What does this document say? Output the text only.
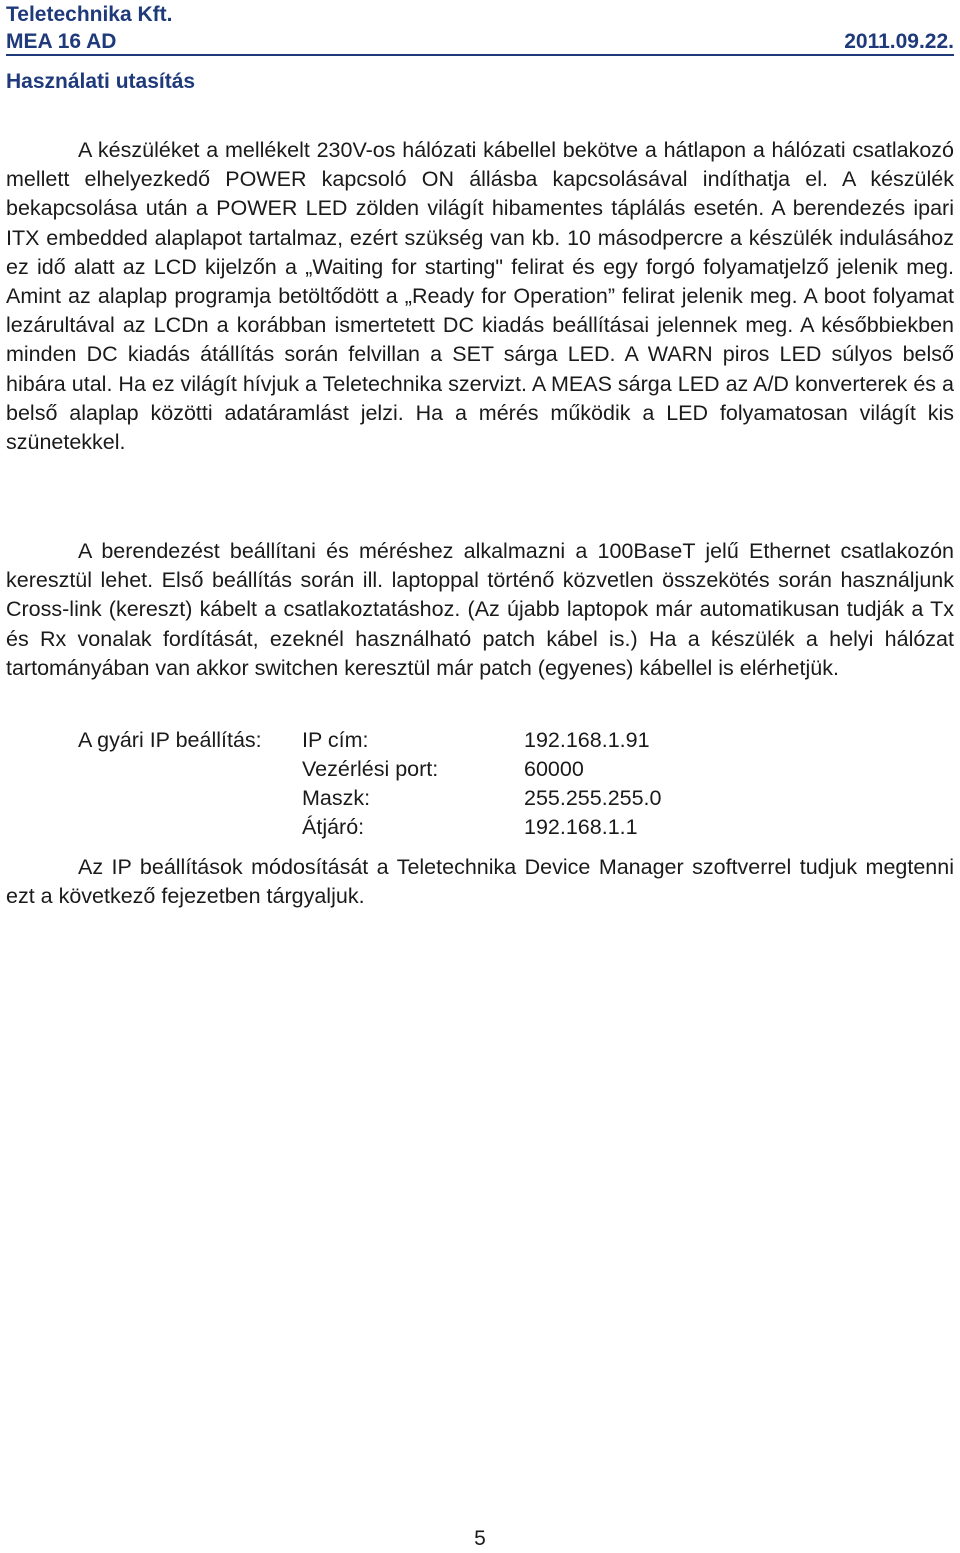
Teletechnika Kft.
MEA 16 AD	2011.09.22.
Használati utasítás

A készüléket a mellékelt 230V-os hálózati kábellel bekötve a hátlapon a hálózati csatlakozó mellett elhelyezkedő POWER kapcsoló ON állásba kapcsolásával indíthatja el. A készülék bekapcsolása után a POWER LED zölden világít hibamentes táplálás esetén. A berendezés ipari ITX embedded alaplapot tartalmaz, ezért szükség van kb. 10 másodpercre a készülék indulásához ez idő alatt az LCD kijelzőn a „Waiting for starting" felirat és egy forgó folyamatjelző jelenik meg. Amint az alaplap programja betöltődött a „Ready for Operation” felirat jelenik meg. A boot folyamat lezárultával az LCDn a korábban ismertetett DC kiadás beállításai jelennek meg. A későbbiekben minden DC kiadás átállítás során felvillan a SET sárga LED. A WARN piros LED súlyos belső hibára utal. Ha ez világít hívjuk a Teletechnika szervizt. A MEAS sárga LED az A/D konverterek és a belső alaplap közötti adatáramlást jelzi. Ha a mérés működik a LED folyamatosan világít kis szünetekkel.

A berendezést beállítani és méréshez alkalmazni a 100BaseT jelű Ethernet csatlakozón keresztül lehet. Első beállítás során ill. laptoppal történő közvetlen összekötés során használjunk Cross-link (kereszt) kábelt a csatlakoztatáshoz. (Az újabb laptopok már automatikusan tudják a Tx és Rx vonalak fordítását, ezeknél használható patch kábel is.) Ha a készülék a helyi hálózat tartományában van akkor switchen keresztül már patch (egyenes) kábellel is elérhetjük.

A gyári IP beállítás: IP cím:	192.168.1.91
Vezérlési port:	60000
Maszk:	255.255.255.0
Átjáró:	192.168.1.1

Az IP beállítások módosítását a Teletechnika Device Manager szoftverrel tudjuk megtenni ezt a következő fejezetben tárgyaljuk.

5
